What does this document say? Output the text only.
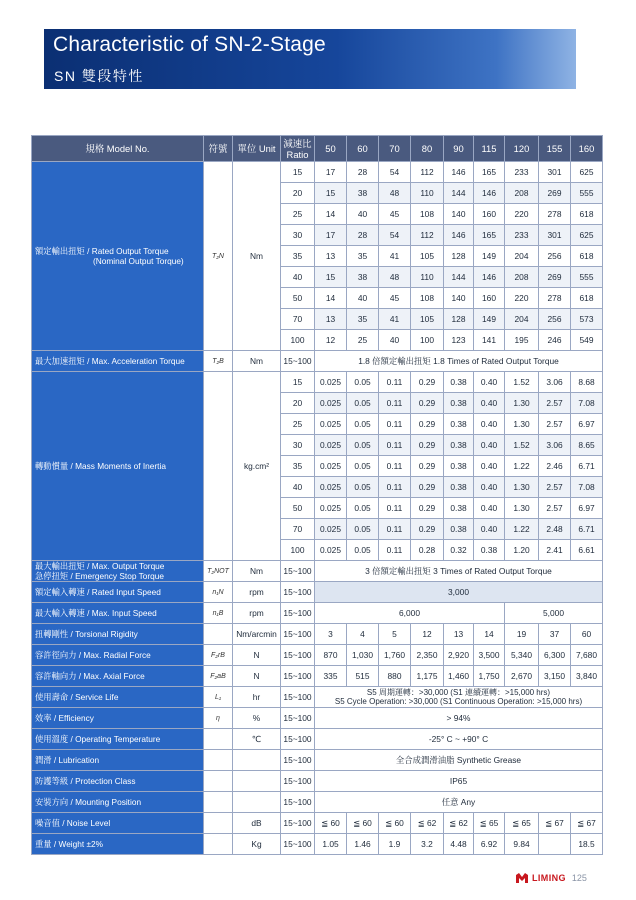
Characteristic of SN-2-Stage
SN 雙段特性
規格 Model No.	符號	單位 Unit	減速比 Ratio	50	60	70	80	90	115	120	155	160
額定輸出扭矩 / Rated Output Torque
(Nominal Output Torque)	T₂N	Nm	15	17	28	54	112	146	165	233	301	625
			20	15	38	48	110	144	146	208	269	555
			25	14	40	45	108	140	160	220	278	618
			30	17	28	54	112	146	165	233	301	625
			35	13	35	41	105	128	149	204	256	618
			40	15	38	48	110	144	146	208	269	555
			50	14	40	45	108	140	160	220	278	618
			70	13	35	41	105	128	149	204	256	573
			100	12	25	40	100	123	141	195	246	549
最大加速扭矩 / Max. Acceleration Torque	T₂B	Nm	15~100	1.8 倍額定輸出扭矩 1.8 Times of Rated Output Torque								
轉動慣量 / Mass Moments of Inertia		kg.cm²	15	0.025	0.05	0.11	0.29	0.38	0.40	1.52	3.06	8.68
			20	0.025	0.05	0.11	0.29	0.38	0.40	1.30	2.57	7.08
			25	0.025	0.05	0.11	0.29	0.38	0.40	1.30	2.57	6.97
			30	0.025	0.05	0.11	0.29	0.38	0.40	1.52	3.06	8.65
			35	0.025	0.05	0.11	0.29	0.38	0.40	1.22	2.46	6.71
			40	0.025	0.05	0.11	0.29	0.38	0.40	1.30	2.57	7.08
			50	0.025	0.05	0.11	0.29	0.38	0.40	1.30	2.57	6.97
			70	0.025	0.05	0.11	0.29	0.38	0.40	1.22	2.48	6.71
			100	0.025	0.05	0.11	0.28	0.32	0.38	1.20	2.41	6.61
最大輸出扭矩 / Max. Output Torque
急停扭矩 / Emergency Stop Torque	T₂NOT	Nm	15~100	3 倍額定輸出扭矩 3 Times of Rated Output Torque								
額定輸入轉速 / Rated Input Speed	n₁N	rpm	15~100	3,000								
最大輸入轉速 / Max. Input Speed	n₁B	rpm	15~100	6,000						5,000		
扭轉剛性 / Torsional Rigidity		Nm/arcmin	15~100	3	4	5	12	13	14	19	37	60
容許徑向力 / Max. Radial Force	F₂rB	N	15~100	870	1,030	1,760	2,350	2,920	3,500	5,340	6,300	7,680
容許軸向力 / Max. Axial Force	F₂aB	N	15~100	335	515	880	1,175	1,460	1,750	2,670	3,150	3,840
使用壽命 / Service Life	L₁	hr	15~100	S5 周期運轉：>30,000 (S1 連續運轉：>15,000 hrs)
S5 Cycle Operation: >30,000 (S1 Continuous Operation: >15,000 hrs)								
效率 / Efficiency	η	%	15~100	> 94%								
使用溫度 / Operating Temperature		℃	15~100	-25° C ~ +90° C								
潤滑 / Lubrication			15~100	全合成潤滑油脂 Synthetic Grease								
防護等級 / Protection Class			15~100	IP65								
安裝方向 / Mounting Position			15~100	任意 Any								
噪音值 / Noise Level		dB	15~100	≦ 60	≦ 60	≦ 60	≦ 62	≦ 62	≦ 65	≦ 65	≦ 67	≦ 67
重量 / Weight ±2%		Kg	15~100	1.05	1.46	1.9	3.2	4.48	6.92	9.84		18.5
LIMING 125
